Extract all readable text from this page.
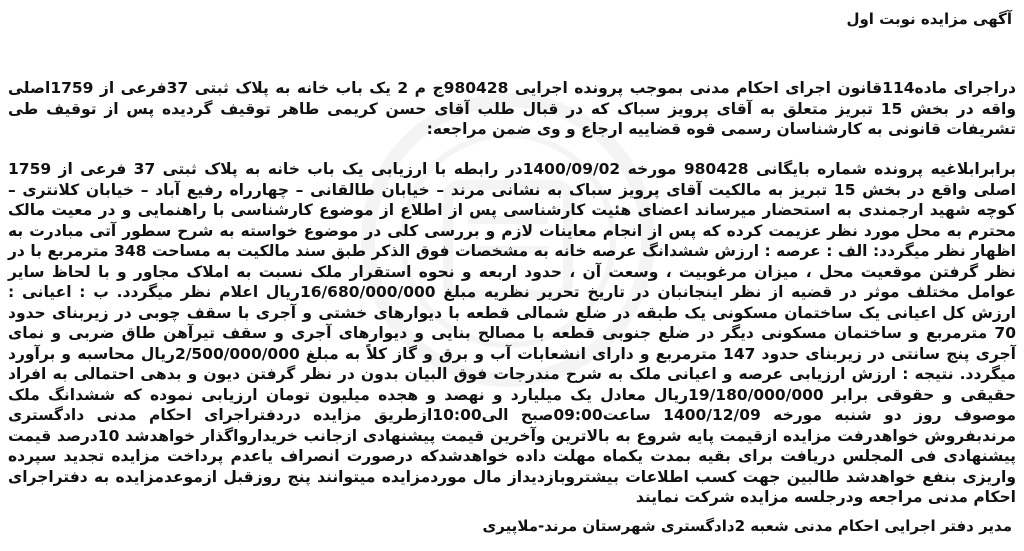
آگهی مزایده نوبت اول

دراجرای ماده114قانون اجرای احکام مدنی بموجب پرونده اجرایی 980428ج م 2 یک باب خانه به پلاک ثبتی 37فرعی از 1759اصلی واقه در بخش 15 تبریز متعلق به آقای پرویز سباک که در قبال طلب آقای حسن کریمی طاهر توقیف گردیده پس از توقیف طی تشریفات قانونی به کارشناسان رسمی قوه قضاییه ارجاع و وی ضمن مراجعه:

برابرابلاغیه پرونده شماره بایگانی 980428 مورخه 1400/09/02در رابطه با ارزیابی یک باب خانه به پلاک ثبتی 37 فرعی از 1759 اصلی واقع در بخش 15 تبریز به مالکیت آقای پرویز سباک به نشانی مرند – خیابان طالقانی – چهارراه رفیع آباد – خیابان کلانتری – کوچه شهید ارجمندی به استحضار میرساند اعضای هئیت کارشناسی پس از اطلاع از موضوع کارشناسی با راهنمایی و در معیت مالک محترم به محل مورد نظر عزیمت کرده که پس از انجام معاینات لازم و بررسی کلی در موضوع خواسته به شرح سطور آتی مبادرت به اظهار نظر میگردد: الف : عرصه : ارزش ششدانگ عرصه خانه به مشخصات فوق الذکر طبق سند مالکیت به مساحت 348 مترمربع با در نظر گرفتن موقعیت محل ، میزان مرغوبیت ، وسعت آن ، حدود اربعه و نحوه استقرار ملک نسبت به املاک مجاور و با لحاظ سایر عوامل مختلف موثر در قضیه از نظر اینجانبان در تاریخ تحریر نظریه مبلغ 16/680/000/000ریال اعلام نظر میگردد. ب : اعیانی : ارزش کل اعیانی یک ساختمان مسکونی یک طبقه در ضلع شمالی قطعه با دیوارهای خشتی و آجری با سقف چوبی در زیربنای حدود 70 مترمربع و ساختمان مسکونی دیگر در ضلع جنوبی قطعه با مصالح بنایی و دیوارهای آجری و سقف تیرآهن طاق ضربی و نمای آجری پنج سانتی در زیربنای حدود 147 مترمربع و دارای انشعابات آب و برق و گاز کلاً به مبلغ 2/500/000/000ریال محاسبه و برآورد میگردد. نتیجه : ارزش ارزیابی عرصه و اعیانی ملک به شرح مندرجات فوق البیان بدون در نظر گرفتن دیون و بدهی احتمالی به افراد حقیقی و حقوقی برابر 19/180/000/000ریال معادل یک میلیارد و نهصد و هجده میلیون تومان ارزیابی نموده که ششدانگ ملک موصوف روز دو شنبه مورخه 1400/12/09 ساعت09:00صبح الی10:00ازطریق مزایده دردفتراجرای احکام مدنی دادگستری مرندبفروش خواهدرفت مزایده ازقیمت پایه شروع به بالاترین وآخرین قیمت پیشنهادی ازجانب خریدارواگذار خواهدشد 10درصد قیمت پیشنهادی فی المجلس دریافت برای بقیه بمدت یکماه مهلت داده خواهدشدکه درصورت انصراف یاعدم پرداخت مزایده تجدید سپرده واریزی بنفع خواهدشد طالبین جهت کسب اطلاعات بیشتروبازدیداز مال موردمزایده میتوانند پنج روزقبل ازموعدمزایده به دفتراجرای احکام مدنی مراجعه ودرجلسه مزایده شرکت نمایند

مدیر دفتر اجرایی احکام مدنی شعبه 2دادگستری شهرستان مرند-ملاپیری
